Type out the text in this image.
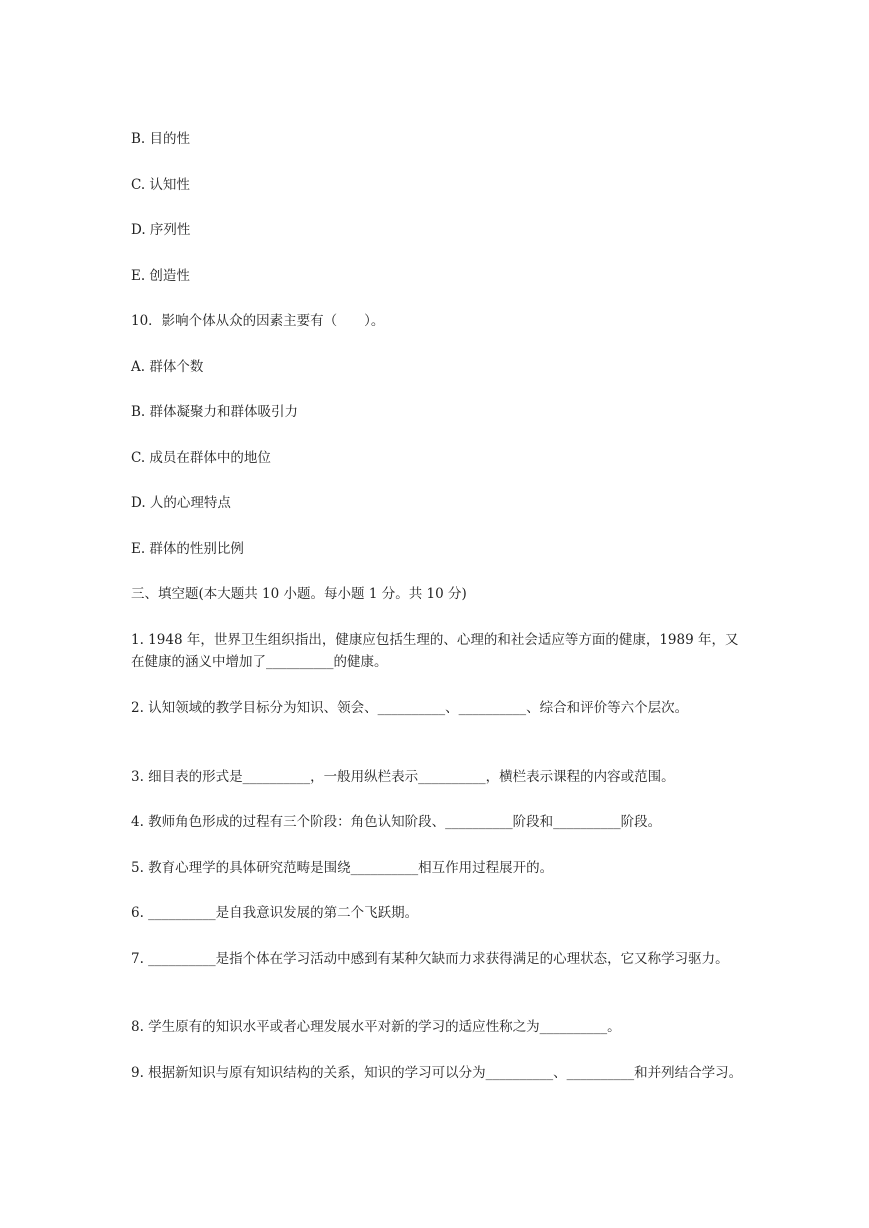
B. 目的性
C. 认知性
D. 序列性
E. 创造性
10．影响个体从众的因素主要有（　　）。
A. 群体个数
B. 群体凝聚力和群体吸引力
C. 成员在群体中的地位
D. 人的心理特点
E. 群体的性别比例
三、填空题(本大题共 10 小题。每小题 1 分。共 10 分)
1. 1948 年，世界卫生组织指出，健康应包括生理的、心理的和社会适应等方面的健康，1989 年，又在健康的涵义中增加了__________的健康。
2. 认知领域的教学目标分为知识、领会、__________、__________、综合和评价等六个层次。
3. 细目表的形式是__________，一般用纵栏表示__________，横栏表示课程的内容或范围。
4. 教师角色形成的过程有三个阶段：角色认知阶段、__________阶段和__________阶段。
5. 教育心理学的具体研究范畴是围绕__________相互作用过程展开的。
6. __________是自我意识发展的第二个飞跃期。
7. __________是指个体在学习活动中感到有某种欠缺而力求获得满足的心理状态，它又称学习驱力。
8. 学生原有的知识水平或者心理发展水平对新的学习的适应性称之为__________。
9. 根据新知识与原有知识结构的关系，知识的学习可以分为__________、__________和并列结合学习。
